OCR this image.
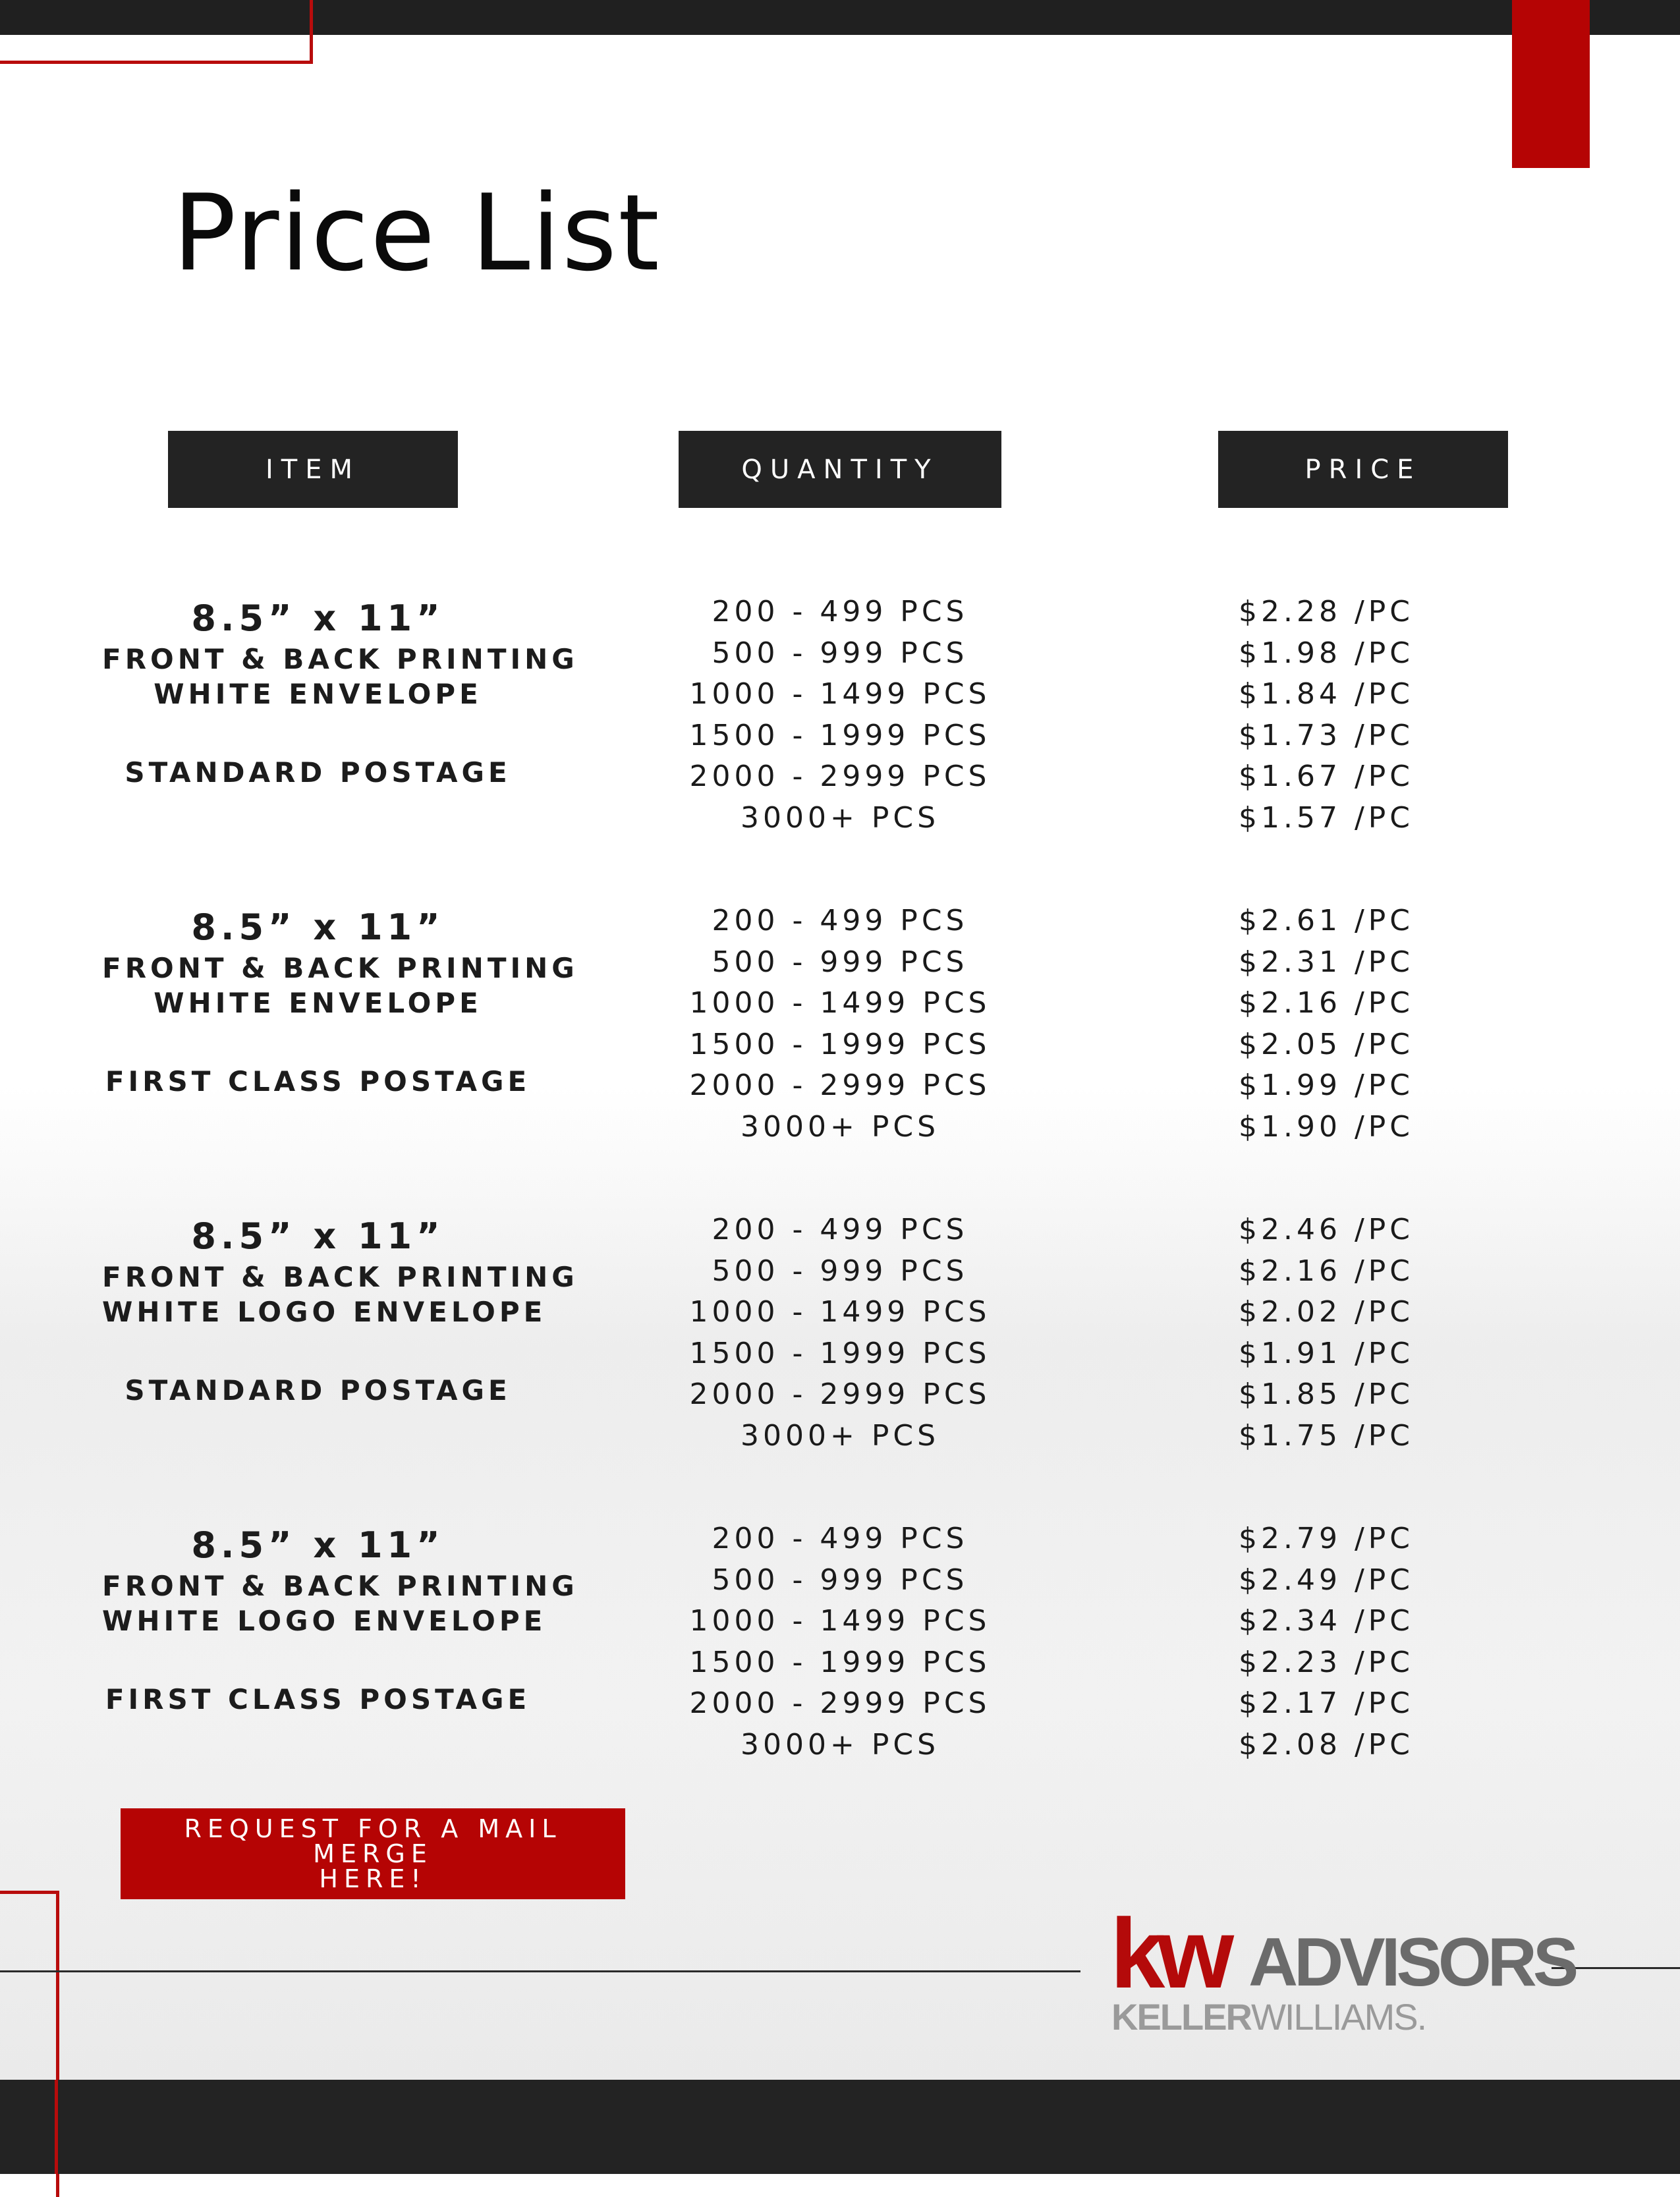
Price List
ITEM	QUANTITY	PRICE
8.5” x 11”
FRONT & BACK PRINTING
WHITE ENVELOPE
STANDARD POSTAGE
200 - 499 PCS
500 - 999 PCS
1000 - 1499 PCS
1500 - 1999 PCS
2000 - 2999 PCS
3000+ PCS
$2.28 /PC
$1.98 /PC
$1.84 /PC
$1.73 /PC
$1.67 /PC
$1.57 /PC
8.5” x 11”
FRONT & BACK PRINTING
WHITE ENVELOPE
FIRST CLASS POSTAGE
200 - 499 PCS
500 - 999 PCS
1000 - 1499 PCS
1500 - 1999 PCS
2000 - 2999 PCS
3000+ PCS
$2.61 /PC
$2.31 /PC
$2.16 /PC
$2.05 /PC
$1.99 /PC
$1.90 /PC
8.5” x 11”
FRONT & BACK PRINTING
WHITE LOGO ENVELOPE
STANDARD POSTAGE
200 - 499 PCS
500 - 999 PCS
1000 - 1499 PCS
1500 - 1999 PCS
2000 - 2999 PCS
3000+ PCS
$2.46 /PC
$2.16 /PC
$2.02 /PC
$1.91 /PC
$1.85 /PC
$1.75 /PC
8.5” x 11”
FRONT & BACK PRINTING
WHITE LOGO ENVELOPE
FIRST CLASS POSTAGE
200 - 499 PCS
500 - 999 PCS
1000 - 1499 PCS
1500 - 1999 PCS
2000 - 2999 PCS
3000+ PCS
$2.79 /PC
$2.49 /PC
$2.34 /PC
$2.23 /PC
$2.17 /PC
$2.08 /PC
REQUEST FOR A MAIL MERGE
HERE!
kw ADVISORS
KELLERWILLIAMS.
